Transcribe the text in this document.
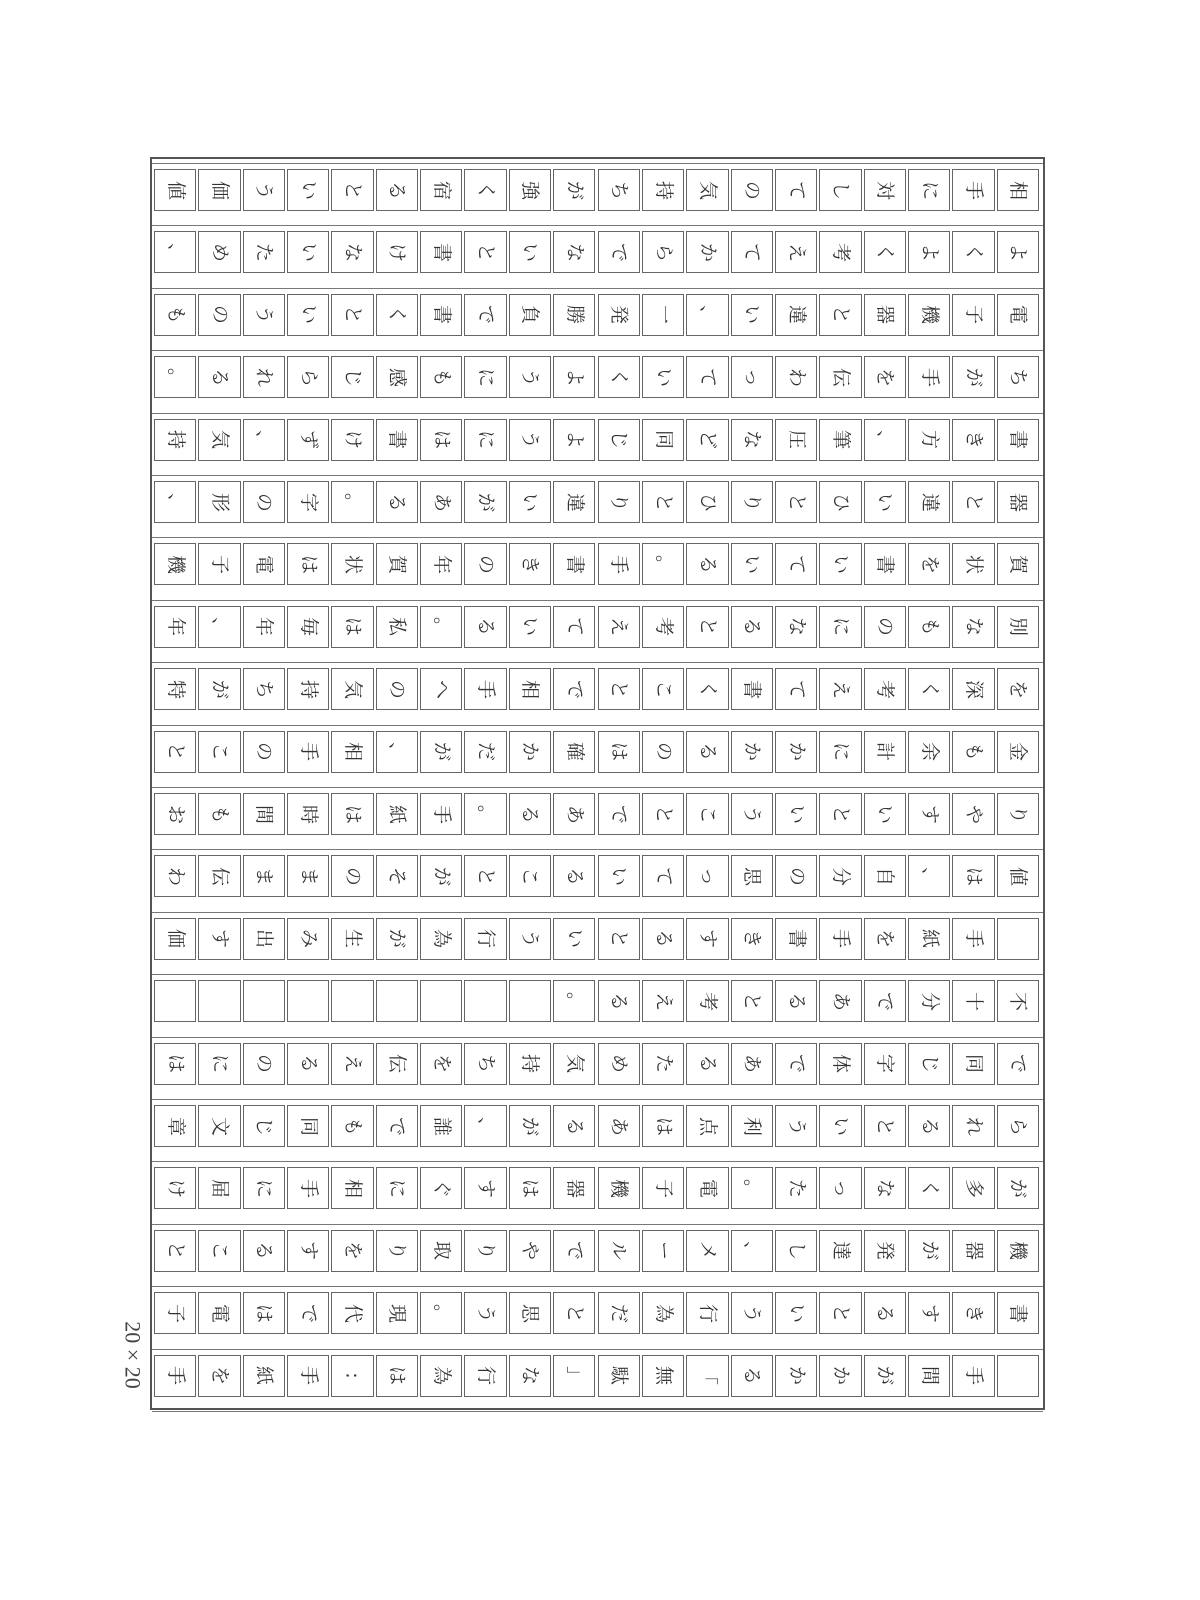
相
手
に
対
し
て
の
気
持
ち
が
強
く
宿
る
と
い
う
価
値
よ
く
よ
く
考
え
て
か
ら
で
な
い
と
書
け
な
い
た
め
、
電
子
機
器
と
違
い
、
一
発
勝
負
で
書
く
と
い
う
の
も
ち
が
手
を
伝
わ
っ
て
い
く
よ
う
に
も
感
じ
ら
れ
る
。
書
き
方
、
筆
圧
な
ど
同
じ
よ
う
に
は
書
け
ず
、
気
持
器
と
違
い
ひ
と
り
ひ
と
り
違
い
が
あ
る
。
字
の
形
、
賀
状
を
書
い
て
い
る
。
手
書
き
の
年
賀
状
は
電
子
機
別
な
も
の
に
な
る
と
考
え
て
い
る
。
私
は
毎
年
、
年
を
深
く
考
え
て
書
く
こ
と
で
相
手
へ
の
気
持
ち
が
特
金
も
余
計
に
か
か
る
の
は
確
か
だ
が
、
相
手
の
こ
と
り
や
す
い
と
い
う
こ
と
で
あ
る
。
手
紙
は
時
間
も
お
値
は
、
自
分
の
思
っ
て
い
る
こ
と
が
そ
の
ま
ま
伝
わ
手
紙
を
手
書
き
す
る
と
い
う
行
為
が
生
み
出
す
価
不
十
分
で
あ
る
と
考
え
る
。
で
同
じ
字
体
で
あ
る
た
め
気
持
ち
を
伝
え
る
の
に
は
ら
れ
る
と
い
う
利
点
は
あ
る
が
、
誰
で
も
同
じ
文
章
が
多
く
な
っ
た
。
電
子
機
器
は
す
ぐ
に
相
手
に
届
け
機
器
が
発
達
し
、
メ
ー
ル
で
や
り
取
り
を
す
る
こ
と
書
き
す
る
と
い
う
行
為
だ
と
思
う
。
現
代
で
は
電
子
手
間
が
か
か
る
「
無
駄
」
な
行
為
は
:
手
紙
を
手
20 × 20
